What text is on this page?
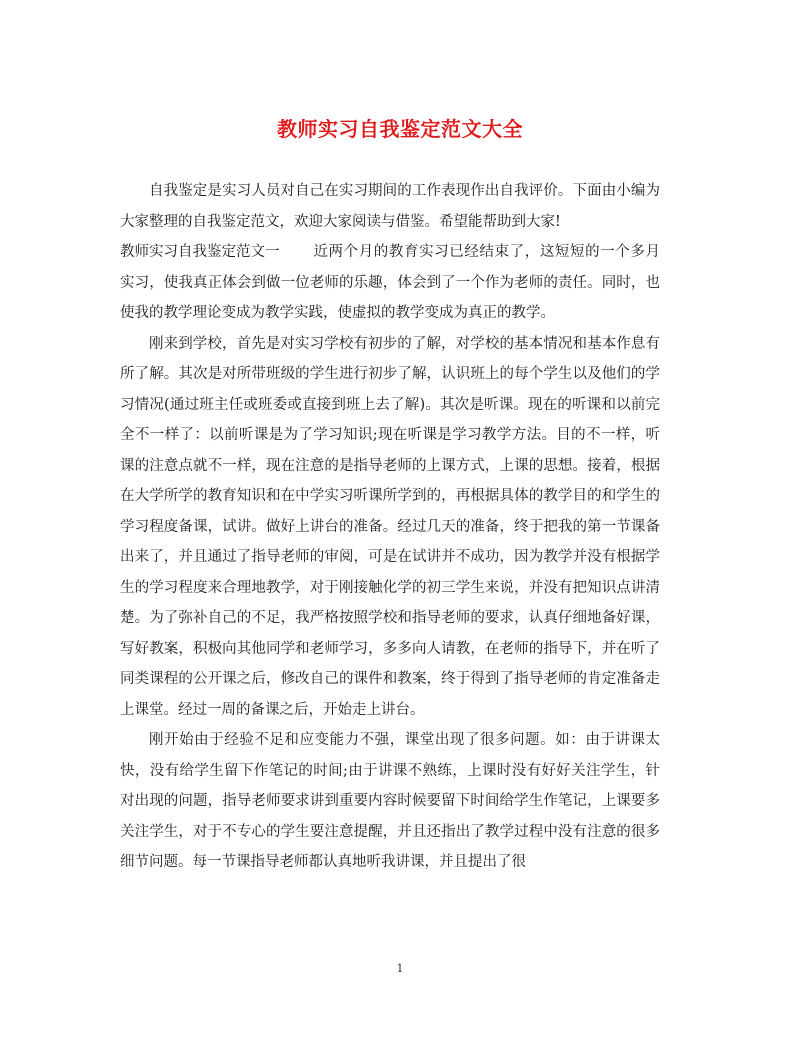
教师实习自我鉴定范文大全

自我鉴定是实习人员对自己在实习期间的工作表现作出自我评价。下面由小编为大家整理的自我鉴定范文，欢迎大家阅读与借鉴。希望能帮助到大家!

教师实习自我鉴定范文一 近两个月的教育实习已经结束了，这短短的一个多月实习，使我真正体会到做一位老师的乐趣，体会到了一个作为老师的责任。同时，也使我的教学理论变成为教学实践，使虚拟的教学变成为真正的教学。

刚来到学校，首先是对实习学校有初步的了解，对学校的基本情况和基本作息有所了解。其次是对所带班级的学生进行初步了解，认识班上的每个学生以及他们的学习情况(通过班主任或班委或直接到班上去了解)。其次是听课。现在的听课和以前完全不一样了：以前听课是为了学习知识;现在听课是学习教学方法。目的不一样，听课的注意点就不一样，现在注意的是指导老师的上课方式，上课的思想。接着，根据在大学所学的教育知识和在中学实习听课所学到的，再根据具体的教学目的和学生的学习程度备课，试讲。做好上讲台的准备。经过几天的准备，终于把我的第一节课备出来了，并且通过了指导老师的审阅，可是在试讲并不成功，因为教学并没有根据学生的学习程度来合理地教学，对于刚接触化学的初三学生来说，并没有把知识点讲清楚。为了弥补自己的不足，我严格按照学校和指导老师的要求，认真仔细地备好课，写好教案，积极向其他同学和老师学习，多多向人请教，在老师的指导下，并在听了同类课程的公开课之后，修改自己的课件和教案，终于得到了指导老师的肯定准备走上课堂。经过一周的备课之后，开始走上讲台。

刚开始由于经验不足和应变能力不强，课堂出现了很多问题。如：由于讲课太快，没有给学生留下作笔记的时间;由于讲课不熟练，上课时没有好好关注学生，针对出现的问题，指导老师要求讲到重要内容时候要留下时间给学生作笔记，上课要多关注学生，对于不专心的学生要注意提醒，并且还指出了教学过程中没有注意的很多细节问题。每一节课指导老师都认真地听我讲课，并且提出了很

1
